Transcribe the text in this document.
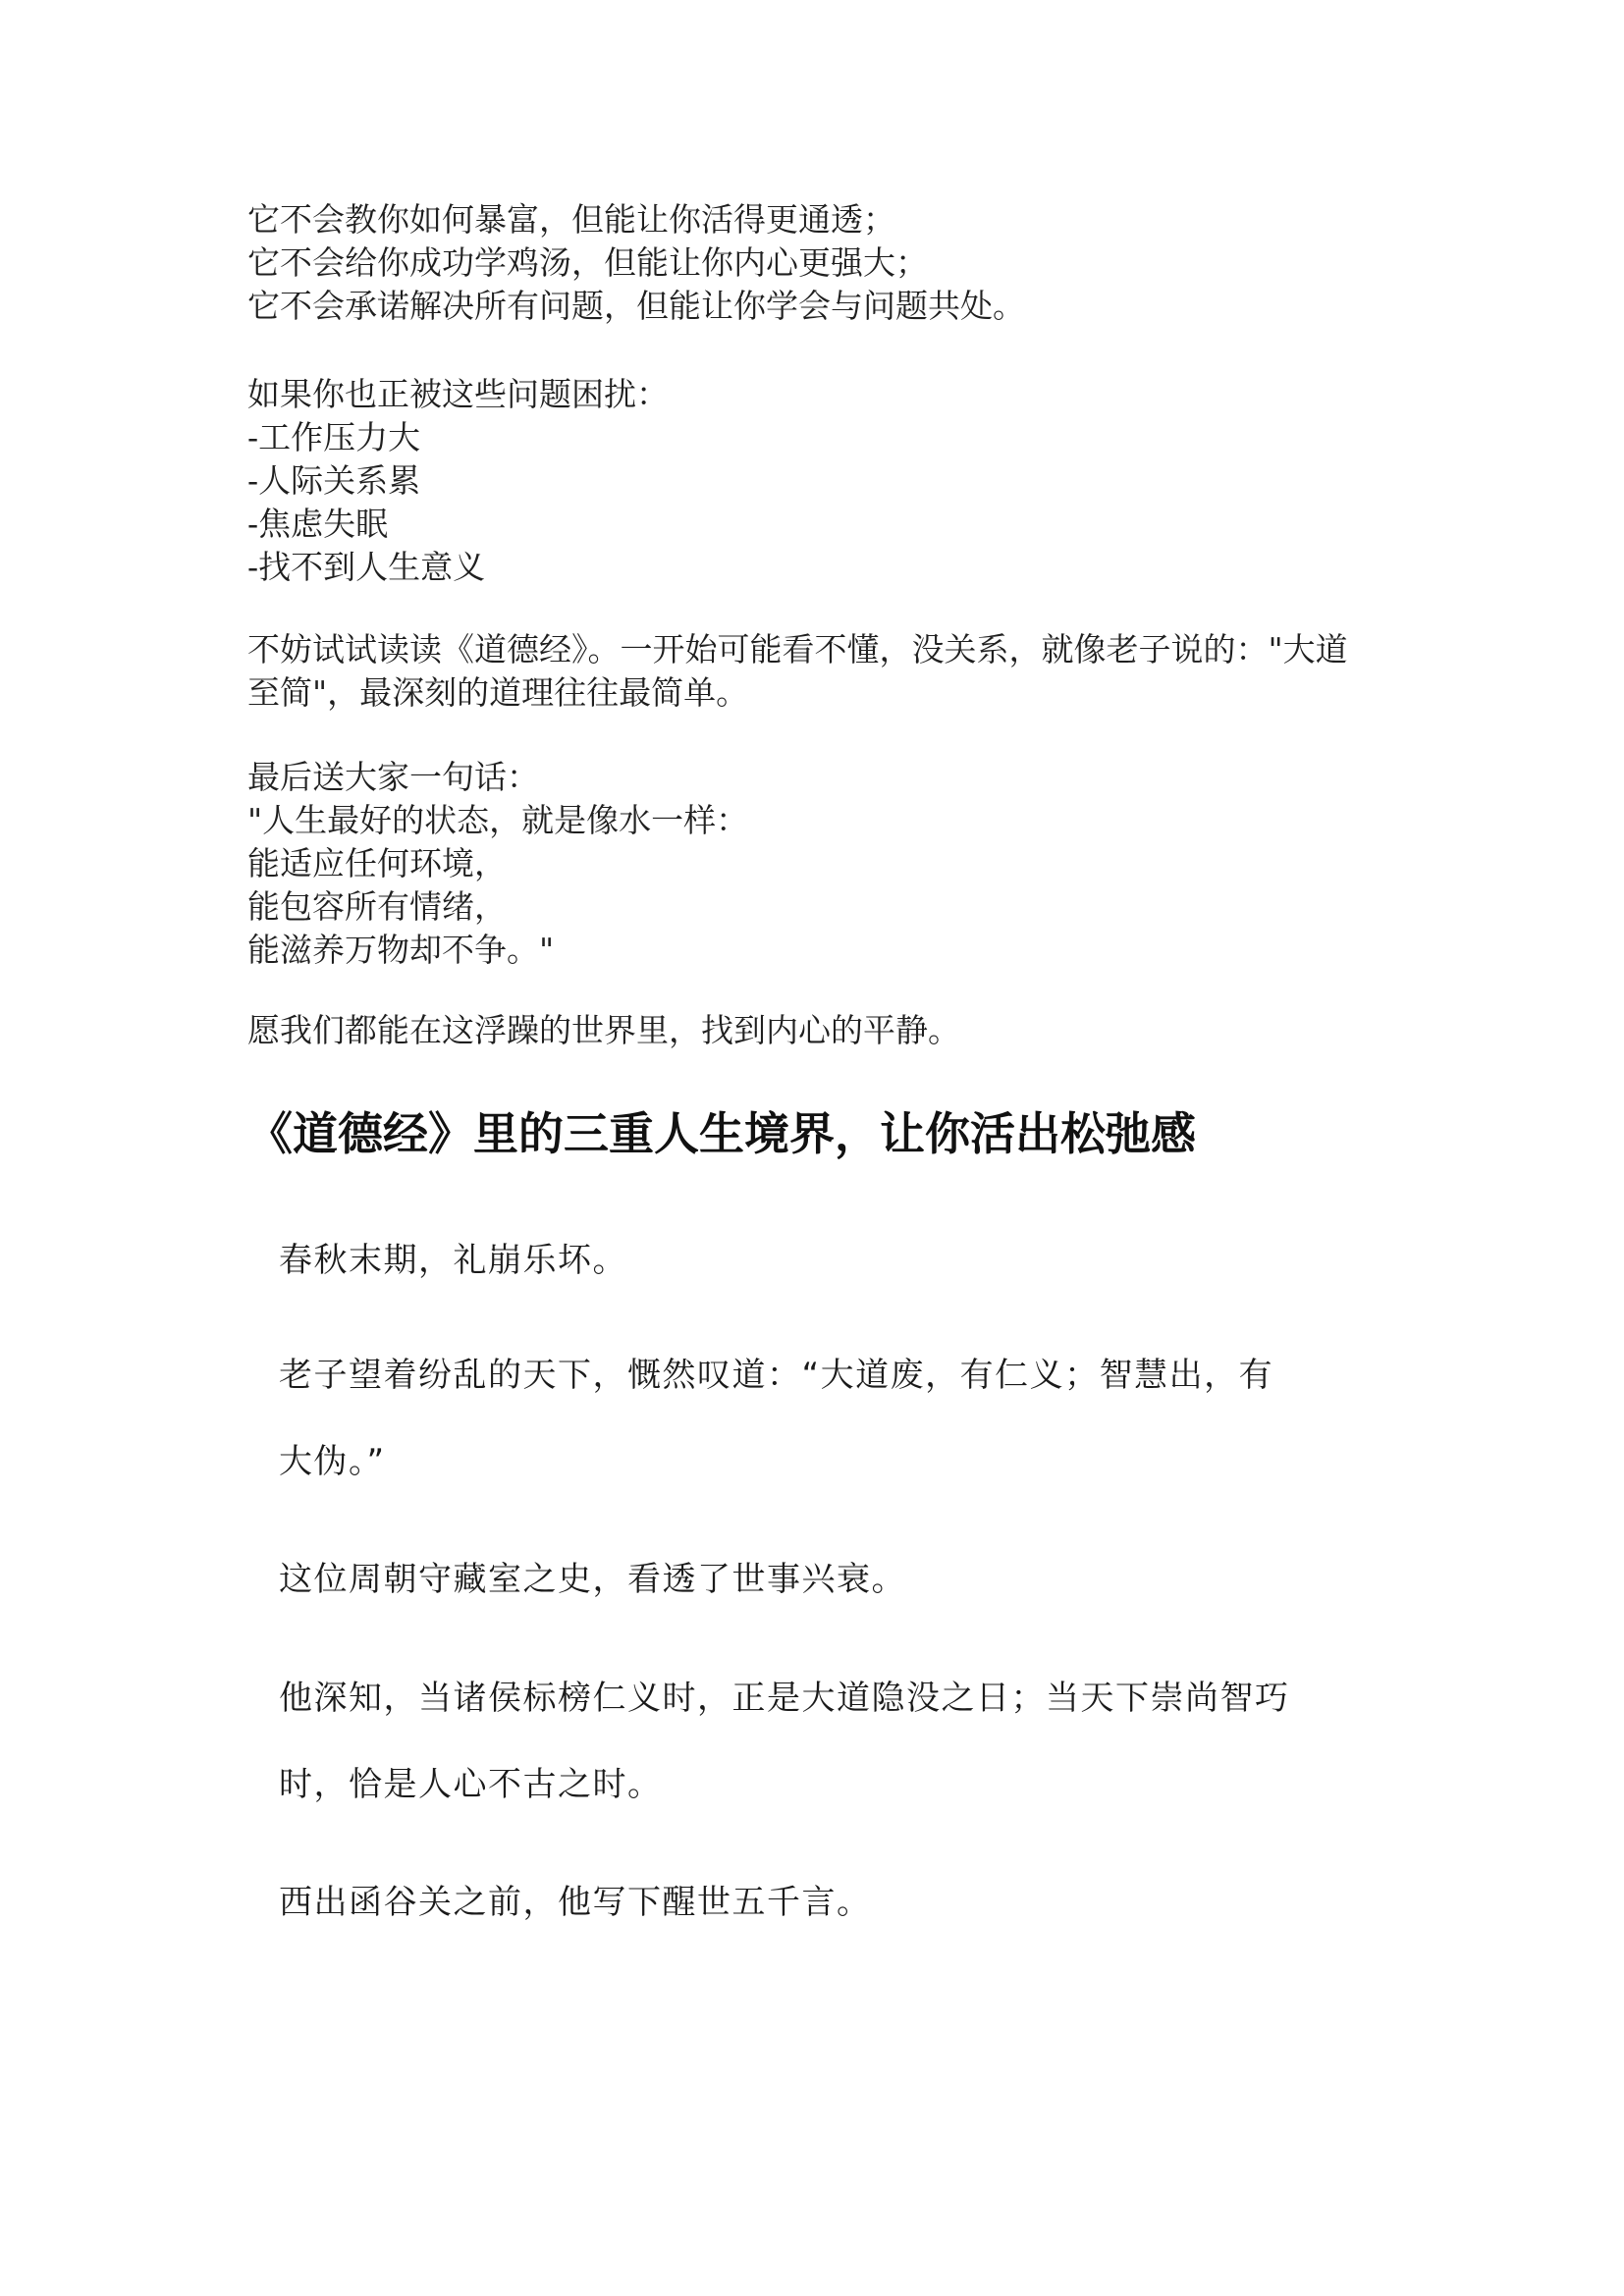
它不会教你如何暴富，但能让你活得更通透；
它不会给你成功学鸡汤，但能让你内心更强大；
它不会承诺解决所有问题，但能让你学会与问题共处。
如果你也正被这些问题困扰：
-工作压力大
-人际关系累
-焦虑失眠
-找不到人生意义
不妨试试读读《道德经》。一开始可能看不懂，没关系，就像老子说的："大道
至简"，最深刻的道理往往最简单。
最后送大家一句话：
"人生最好的状态，就是像水一样：
能适应任何环境，
能包容所有情绪，
能滋养万物却不争。"
愿我们都能在这浮躁的世界里，找到内心的平静。
《道德经》里的三重人生境界，让你活出松弛感
春秋末期，礼崩乐坏。
老子望着纷乱的天下，慨然叹道：“大道废，有仁义；智慧出，有
大伪。”
这位周朝守藏室之史，看透了世事兴衰。
他深知，当诸侯标榜仁义时，正是大道隐没之日；当天下崇尚智巧
时，恰是人心不古之时。
西出函谷关之前，他写下醒世五千言。
